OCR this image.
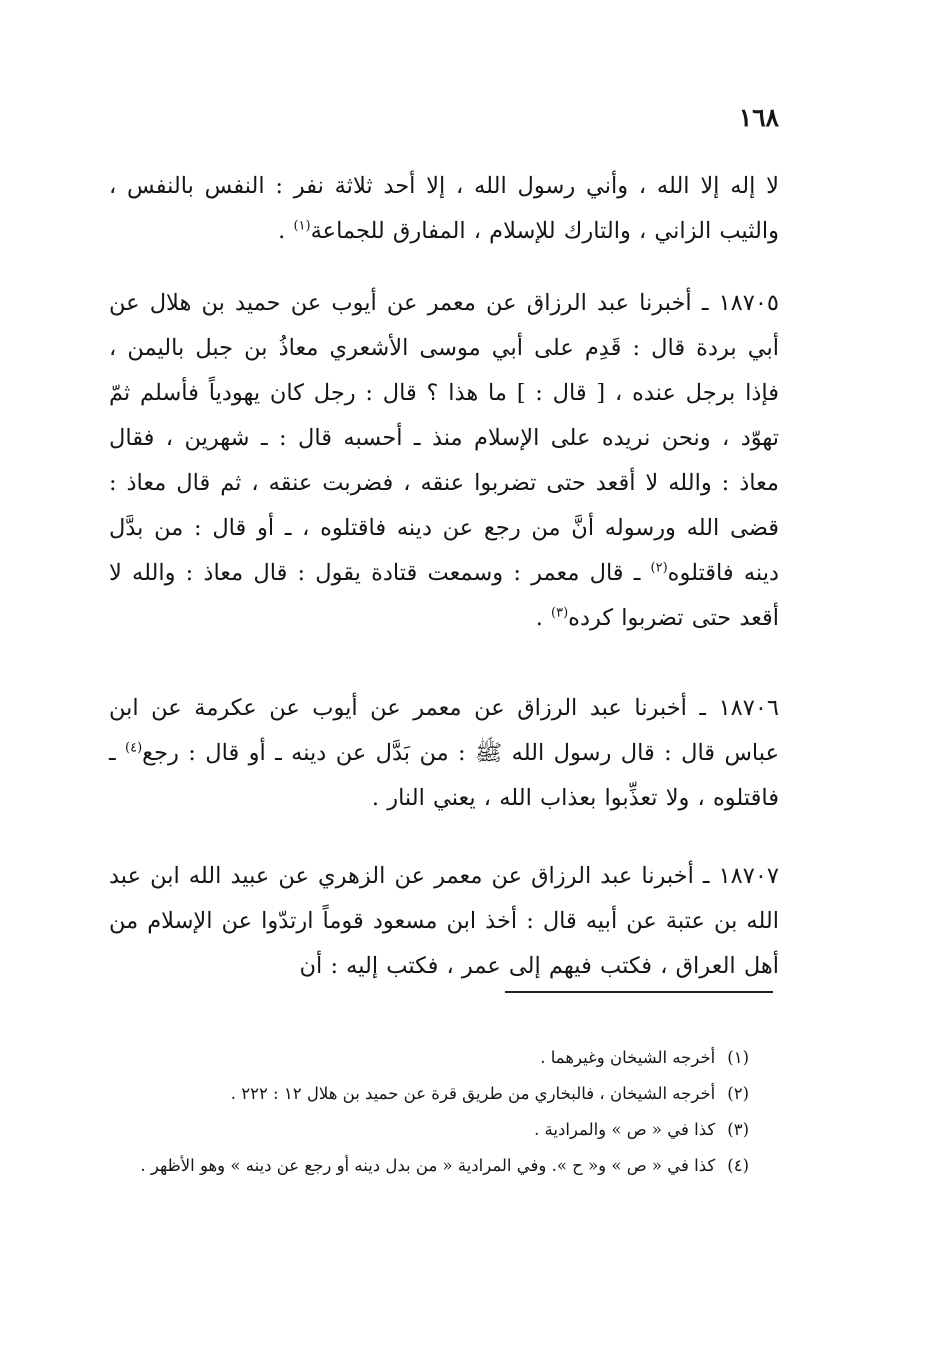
١٦٨

لا إله إلا الله ، وأني رسول الله ، إلا أحد ثلاثة نفر : النفس بالنفس ، والثيب الزاني ، والتارك للإسلام ، المفارق للجماعة$^{(١)}$ .

١٨٧٠٥ ـ أخبرنا عبد الرزاق عن معمر عن أيوب عن حميد بن هلال عن أبي بردة قال : قَدِم على أبي موسى الأشعري معاذُ بن جبل باليمن ، فإذا برجل عنده ، [ قال : ] ما هذا ؟ قال : رجل كان يهودياً فأسلم ثمّ تهوّد ، ونحن نريده على الإسلام منذ ـ أحسبه قال : ـ شهرين ، فقال معاذ : والله لا أقعد حتى تضربوا عنقه ، فضربت عنقه ، ثم قال معاذ : قضى الله ورسوله أنَّ من رجع عن دينه فاقتلوه ، ـ أو قال : من بدَّل دينه فاقتلوه$^{(٢)}$ ـ قال معمر : وسمعت قتادة يقول : قال معاذ : والله لا أقعد حتى تضربوا كرده$^{(٣)}$ .

١٨٧٠٦ ـ أخبرنا عبد الرزاق عن معمر عن أيوب عن عكرمة عن ابن عباس قال : قال رسول الله ﷺ : من بَدَّل عن دينه ـ أو قال : رجع$^{(٤)}$ ـ فاقتلوه ، ولا تعذِّبوا بعذاب الله ، يعني النار .

١٨٧٠٧ ـ أخبرنا عبد الرزاق عن معمر عن الزهري عن عبيد الله ابن عبد الله بن عتبة عن أبيه قال : أخذ ابن مسعود قوماً ارتدّوا عن الإسلام من أهل العراق ، فكتب فيهم إلى عمر ، فكتب إليه : أن

(١)أخرجه الشيخان وغيرهما .

(٢)أخرجه الشيخان ، فالبخاري من طريق قرة عن حميد بن هلال ١٢ : ٢٢٢ .

(٣)كذا في « ص » والمرادية .

(٤)كذا في « ص » و« ح ». وفي المرادية « من بدل دينه أو رجع عن دينه » وهو الأظهر .
